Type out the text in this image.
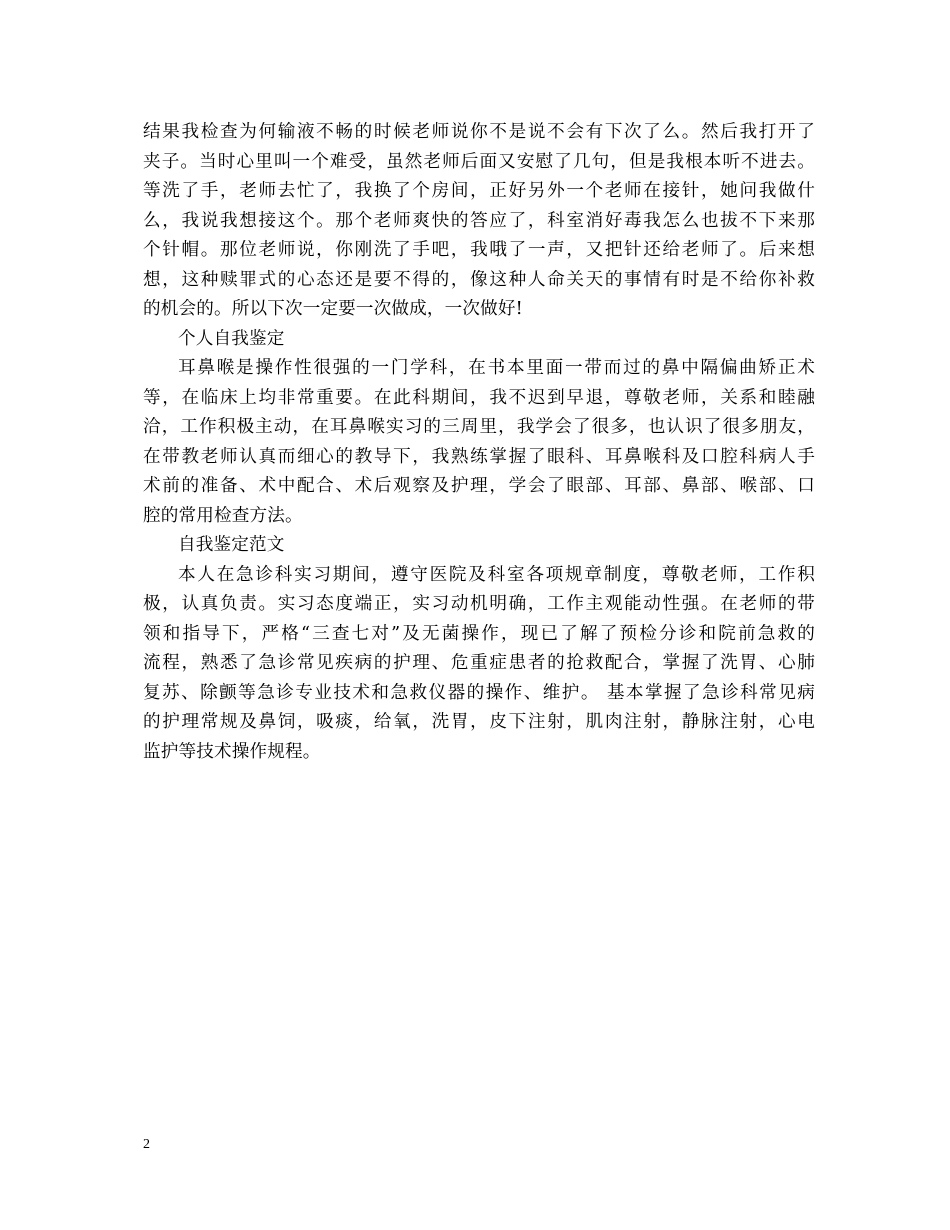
结果我检查为何输液不畅的时候老师说你不是说不会有下次了么。然后我打开了
夹子。当时心里叫一个难受，虽然老师后面又安慰了几句，但是我根本听不进去。
等洗了手，老师去忙了，我换了个房间，正好另外一个老师在接针，她问我做什
么，我说我想接这个。那个老师爽快的答应了，科室消好毒我怎么也拔不下来那
个针帽。那位老师说，你刚洗了手吧，我哦了一声，又把针还给老师了。后来想
想，这种赎罪式的心态还是要不得的，像这种人命关天的事情有时是不给你补救
的机会的。所以下次一定要一次做成，一次做好!
个人自我鉴定
耳鼻喉是操作性很强的一门学科，在书本里面一带而过的鼻中隔偏曲矫正术
等，在临床上均非常重要。在此科期间，我不迟到早退，尊敬老师，关系和睦融
洽，工作积极主动，在耳鼻喉实习的三周里，我学会了很多，也认识了很多朋友，
在带教老师认真而细心的教导下，我熟练掌握了眼科、耳鼻喉科及口腔科病人手
术前的准备、术中配合、术后观察及护理，学会了眼部、耳部、鼻部、喉部、口
腔的常用检查方法。
自我鉴定范文
本人在急诊科实习期间，遵守医院及科室各项规章制度，尊敬老师，工作积
极，认真负责。实习态度端正，实习动机明确，工作主观能动性强。在老师的带
领和指导下，严格“三查七对”及无菌操作，现已了解了预检分诊和院前急救的
流程，熟悉了急诊常见疾病的护理、危重症患者的抢救配合，掌握了洗胃、心肺
复苏、除颤等急诊专业技术和急救仪器的操作、维护。 基本掌握了急诊科常见病
的护理常规及鼻饲，吸痰，给氧，洗胃，皮下注射，肌肉注射，静脉注射，心电
监护等技术操作规程。
2
